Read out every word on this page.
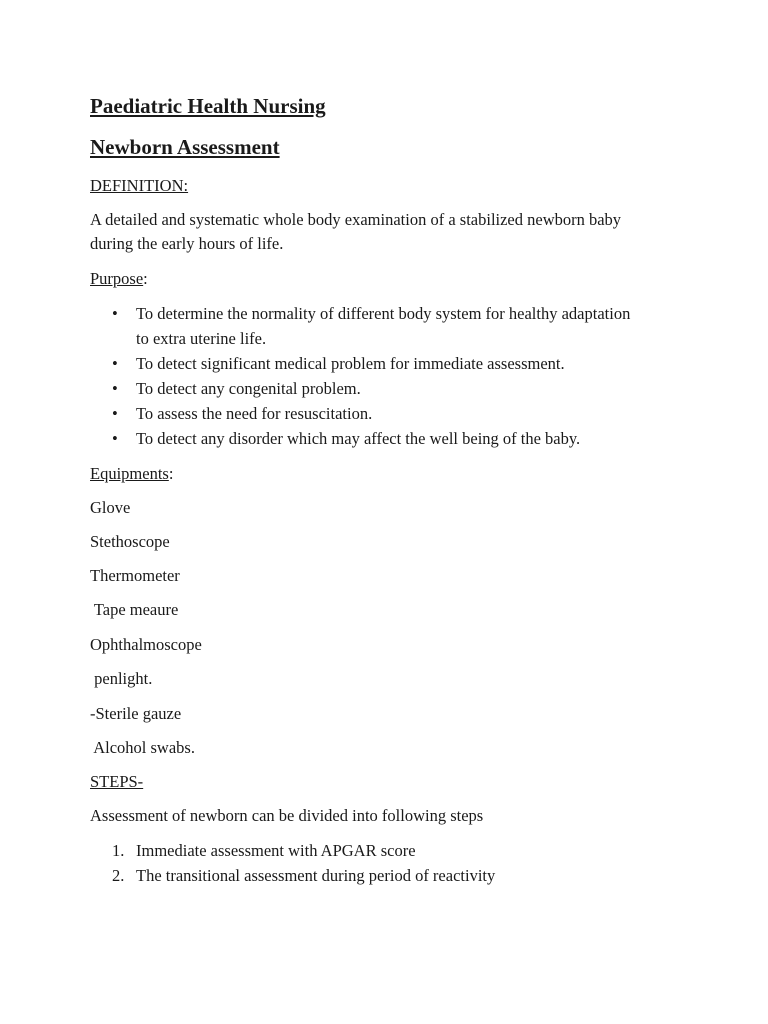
Paediatric Health Nursing
Newborn Assessment

DEFINITION:

A detailed and systematic whole body examination of a stabilized newborn baby

during the early hours of life.

Purpose:

• To determine the normality of different body system for healthy adaptation
to extra uterine life.
• To detect significant medical problem for immediate assessment.
• To detect any congenital problem.
• To assess the need for resuscitation.
• To detect any disorder which may affect the well being of the baby.

Equipments:

Glove

Stethoscope

Thermometer

Tape meaure

Ophthalmoscope

penlight.

-Sterile gauze

Alcohol swabs.

STEPS-

Assessment of newborn can be divided into following steps

1. Immediate assessment with APGAR score
2. The transitional assessment during period of reactivity
